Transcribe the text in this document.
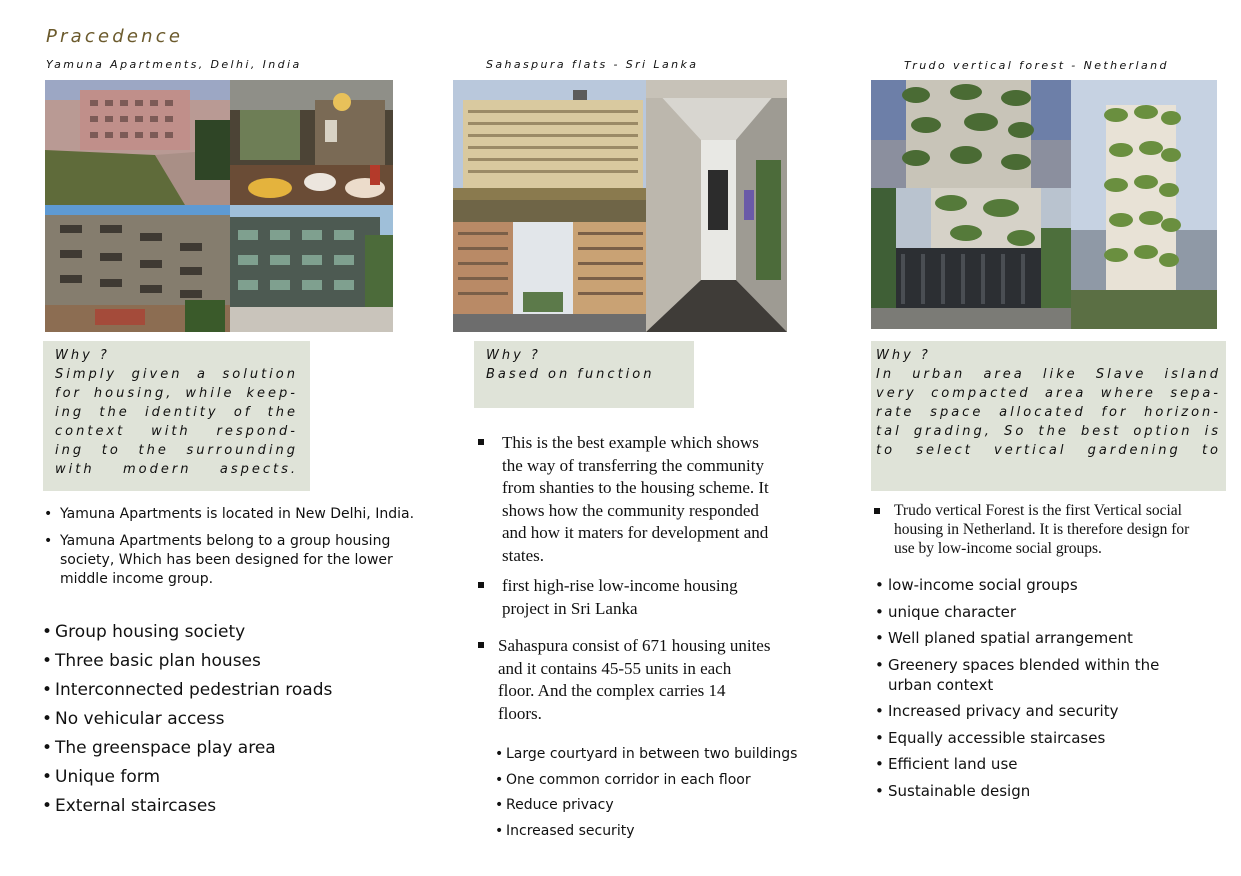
Pracedence
Yamuna Apartments, Delhi, India
Why ?
Simply given a solution
for housing, while keep-
ing the identity of the
context with respond-
ing to the surrounding
with modern aspects.
• Yamuna Apartments is located in New Delhi, India.
• Yamuna Apartments belong to a group housing society, Which has been designed for the lower middle income group.
• Group housing society
• Three basic plan houses
• Interconnected pedestrian roads
• No vehicular access
• The greenspace play area
• Unique form
• External staircases
Sahaspura flats - Sri Lanka
Why ?
Based on function
This is the best example which shows the way of transferring the community from shanties to the housing scheme. It shows how the community responded and how it maters for development and states.
first high-rise low-income housing project in Sri Lanka
Sahaspura consist of 671 housing unites and it contains 45-55 units in each floor. And the complex carries 14 floors.
• Large courtyard in between two buildings
• One common corridor in each floor
• Reduce privacy
• Increased security
Trudo vertical forest - Netherland
Why ?
In urban area like Slave island
very compacted area where sepa-
rate space allocated for horizon-
tal grading, So the best option is
to select vertical gardening to
Trudo vertical Forest is the first Vertical social housing in Netherland. It is therefore design for use by low-income social groups.
• low-income social groups
• unique character
• Well planed spatial arrangement
• Greenery spaces blended within the urban context
• Increased privacy and security
• Equally accessible staircases
• Efficient land use
• Sustainable design
